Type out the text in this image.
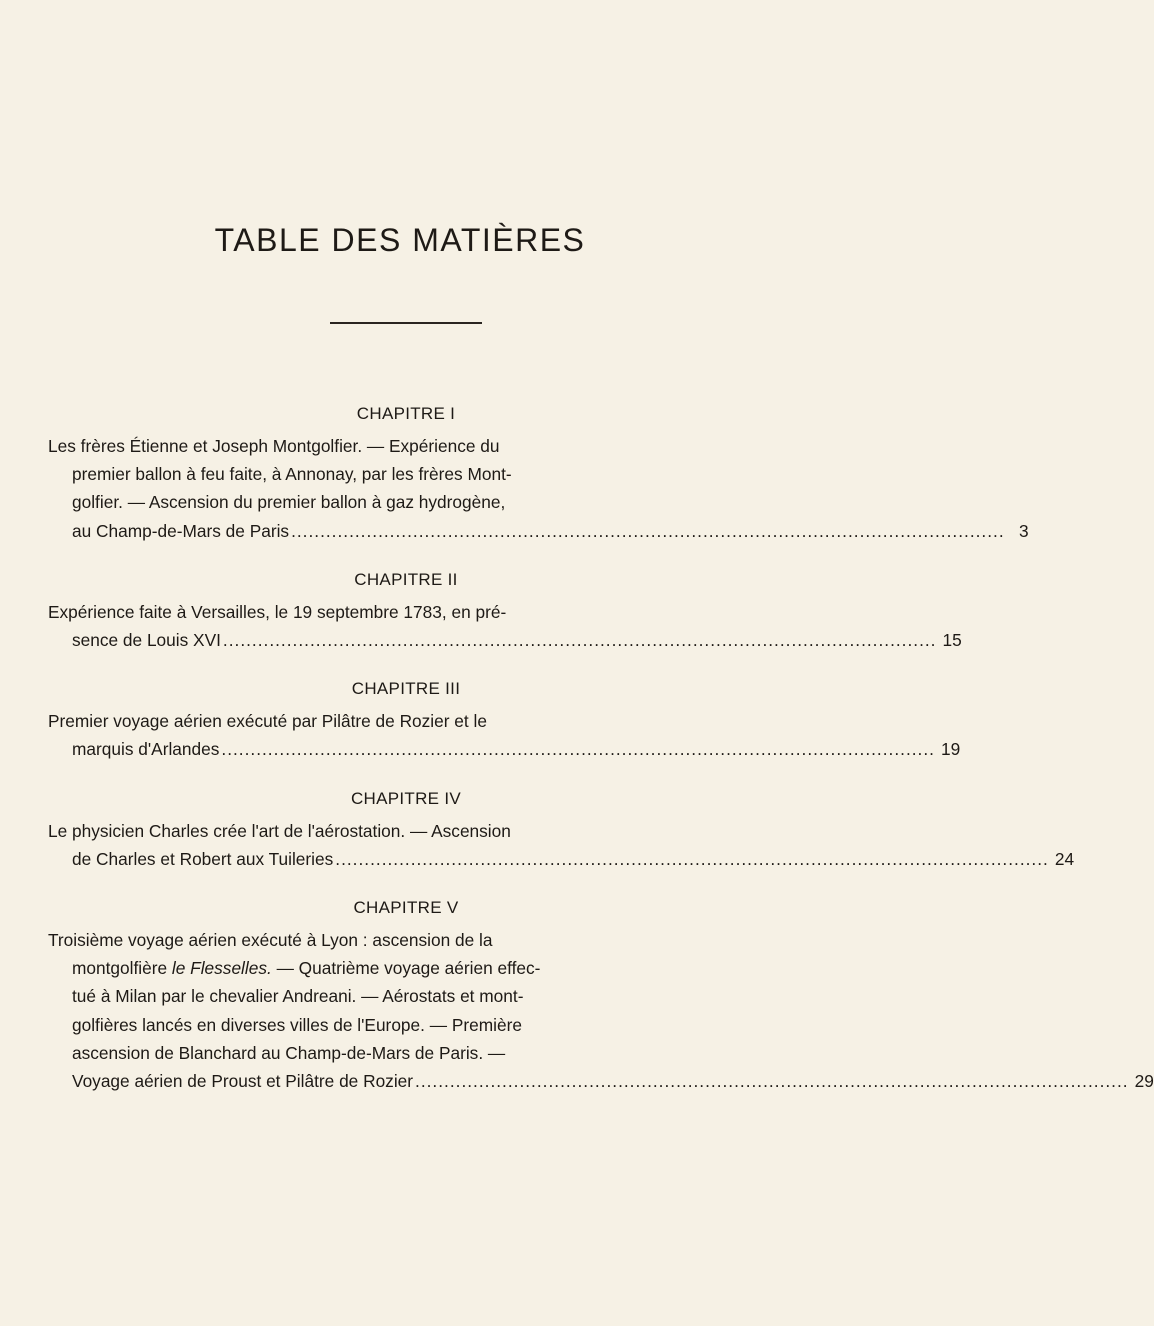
TABLE DES MATIÈRES
CHAPITRE I
Les frères Étienne et Joseph Montgolfier. — Expérience du
premier ballon à feu faite, à Annonay, par les frères Mont-
golfier. — Ascension du premier ballon à gaz hydrogène,
au Champ-de-Mars de Paris ........................................................................................................................... 3
CHAPITRE II
Expérience faite à Versailles, le 19 septembre 1783, en pré-
sence de Louis XVI ........................................................................................................................... 15
CHAPITRE III
Premier voyage aérien exécuté par Pilâtre de Rozier et le
marquis d'Arlandes ........................................................................................................................... 19
CHAPITRE IV
Le physicien Charles crée l'art de l'aérostation. — Ascension
de Charles et Robert aux Tuileries ........................................................................................................................... 24
CHAPITRE V
Troisième voyage aérien exécuté à Lyon : ascension de la
montgolfière le Flesselles. — Quatrième voyage aérien effec-
tué à Milan par le chevalier Andreani. — Aérostats et mont-
golfières lancés en diverses villes de l'Europe. — Première
ascension de Blanchard au Champ-de-Mars de Paris. —
Voyage aérien de Proust et Pilâtre de Rozier ........................................................................................................................... 29
